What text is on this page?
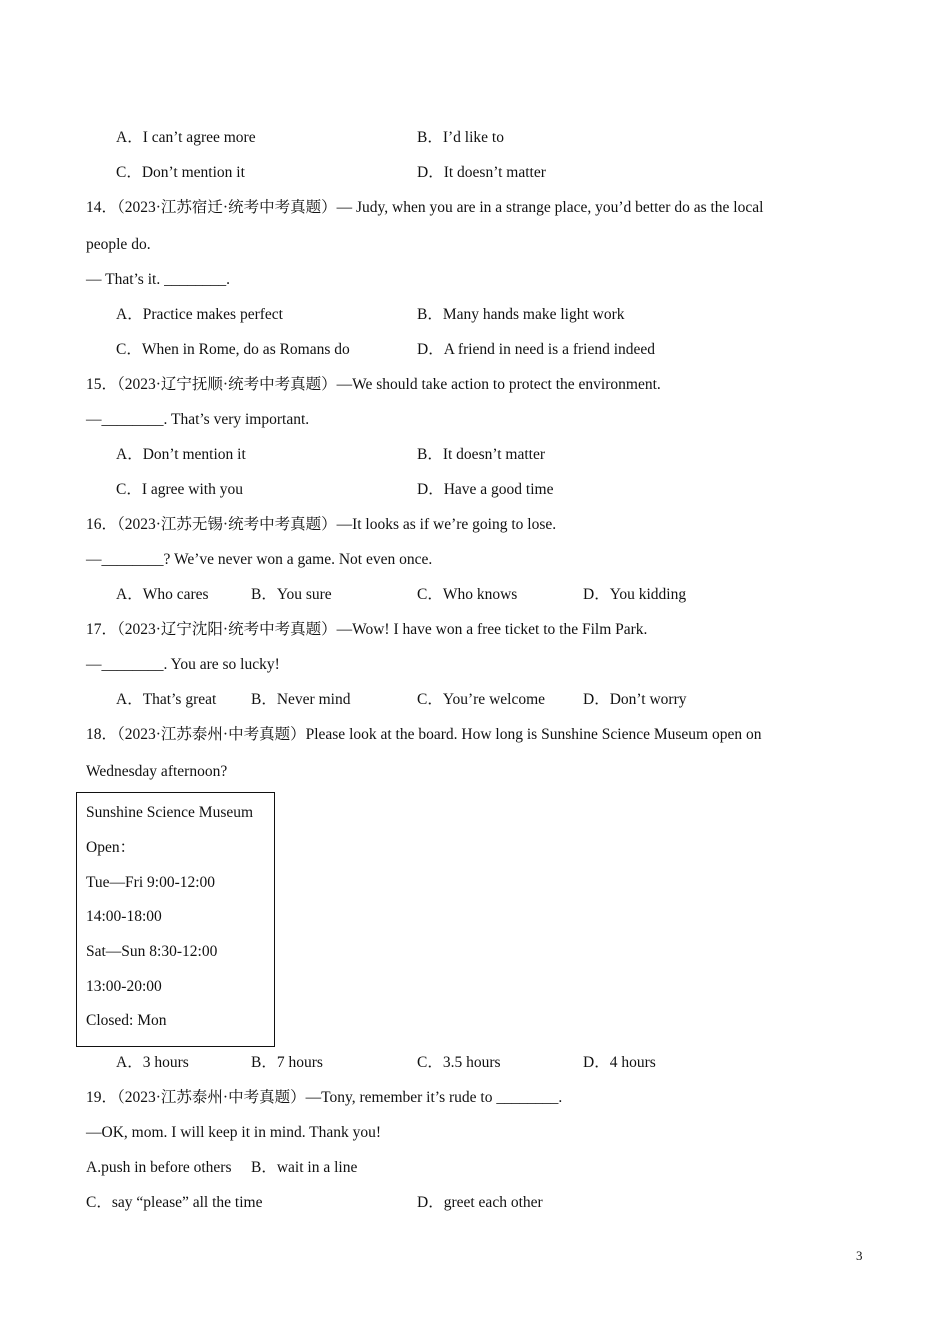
A．I can’t agree more	B．I’d like to
C．Don’t mention it	D．It doesn’t matter
14．（2023·江苏宿迁·统考中考真题）— Judy, when you are in a strange place, you’d better do as the local
people do.
— That’s it. ________.
A．Practice makes perfect	B．Many hands make light work
C．When in Rome, do as Romans do	D．A friend in need is a friend indeed
15．（2023·辽宁抚顺·统考中考真题）—We should take action to protect the environment.
—________. That’s very important.
A．Don’t mention it	B．It doesn’t matter
C．I agree with you	D．Have a good time
16．（2023·江苏无锡·统考中考真题）—It looks as if we’re going to lose.
—________? We’ve never won a game. Not even once.
A．Who cares	B．You sure	C．Who knows	D．You kidding
17．（2023·辽宁沈阳·统考中考真题）—Wow! I have won a free ticket to the Film Park.
—________. You are so lucky!
A．That’s great B．Never mind	C．You’re welcome D．Don’t worry
18．（2023·江苏泰州·中考真题）Please look at the board. How long is Sunshine Science Museum open on
Wednesday afternoon?
Sunshine Science Museum
Open：
Tue—Fri 9:00-12:00
14:00-18:00
Sat—Sun 8:30-12:00
13:00-20:00
Closed: Mon
A．3 hours	B．7 hours	C．3.5 hours	D．4 hours
19．（2023·江苏泰州·中考真题）—Tony, remember it’s rude to ________.
—OK, mom. I will keep it in mind. Thank you!
A.push in before others B．wait in a line
C．say “please” all the time	D．greet each other
3
